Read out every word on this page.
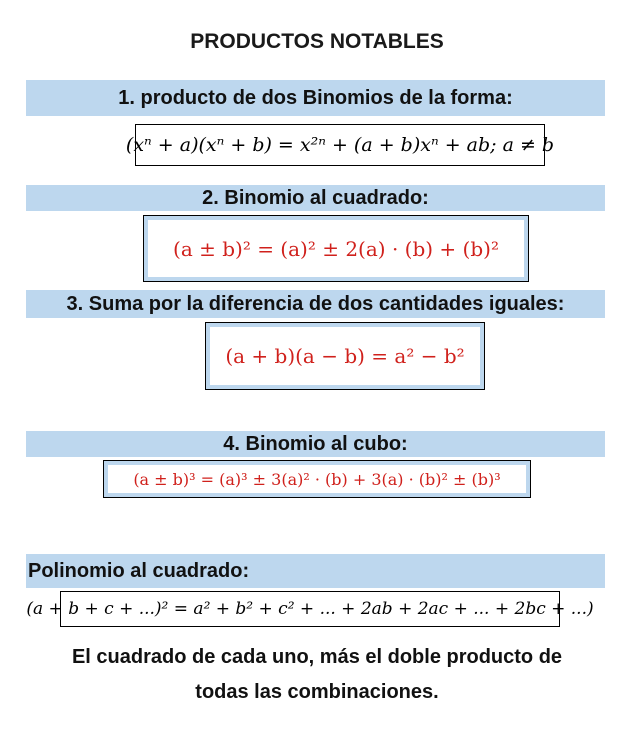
PRODUCTOS NOTABLES
1. producto de dos Binomios de la forma:
(xⁿ + a)(xⁿ + b) = x²ⁿ + (a + b)xⁿ + ab; a ≠ b
2. Binomio al cuadrado:
(a ± b)² = (a)² ± 2(a) · (b) + (b)²
3. Suma por la diferencia de dos cantidades iguales:
(a + b)(a − b) = a² − b²
4. Binomio al cubo:
(a ± b)³ = (a)³ ± 3(a)² · (b) + 3(a) · (b)² ± (b)³
Polinomio al cuadrado:
(a + b + c + ...)² = a² + b² + c² + ... + 2ab + 2ac + ... + 2bc + ...)
El cuadrado de cada uno, más el doble producto de
todas las combinaciones.
